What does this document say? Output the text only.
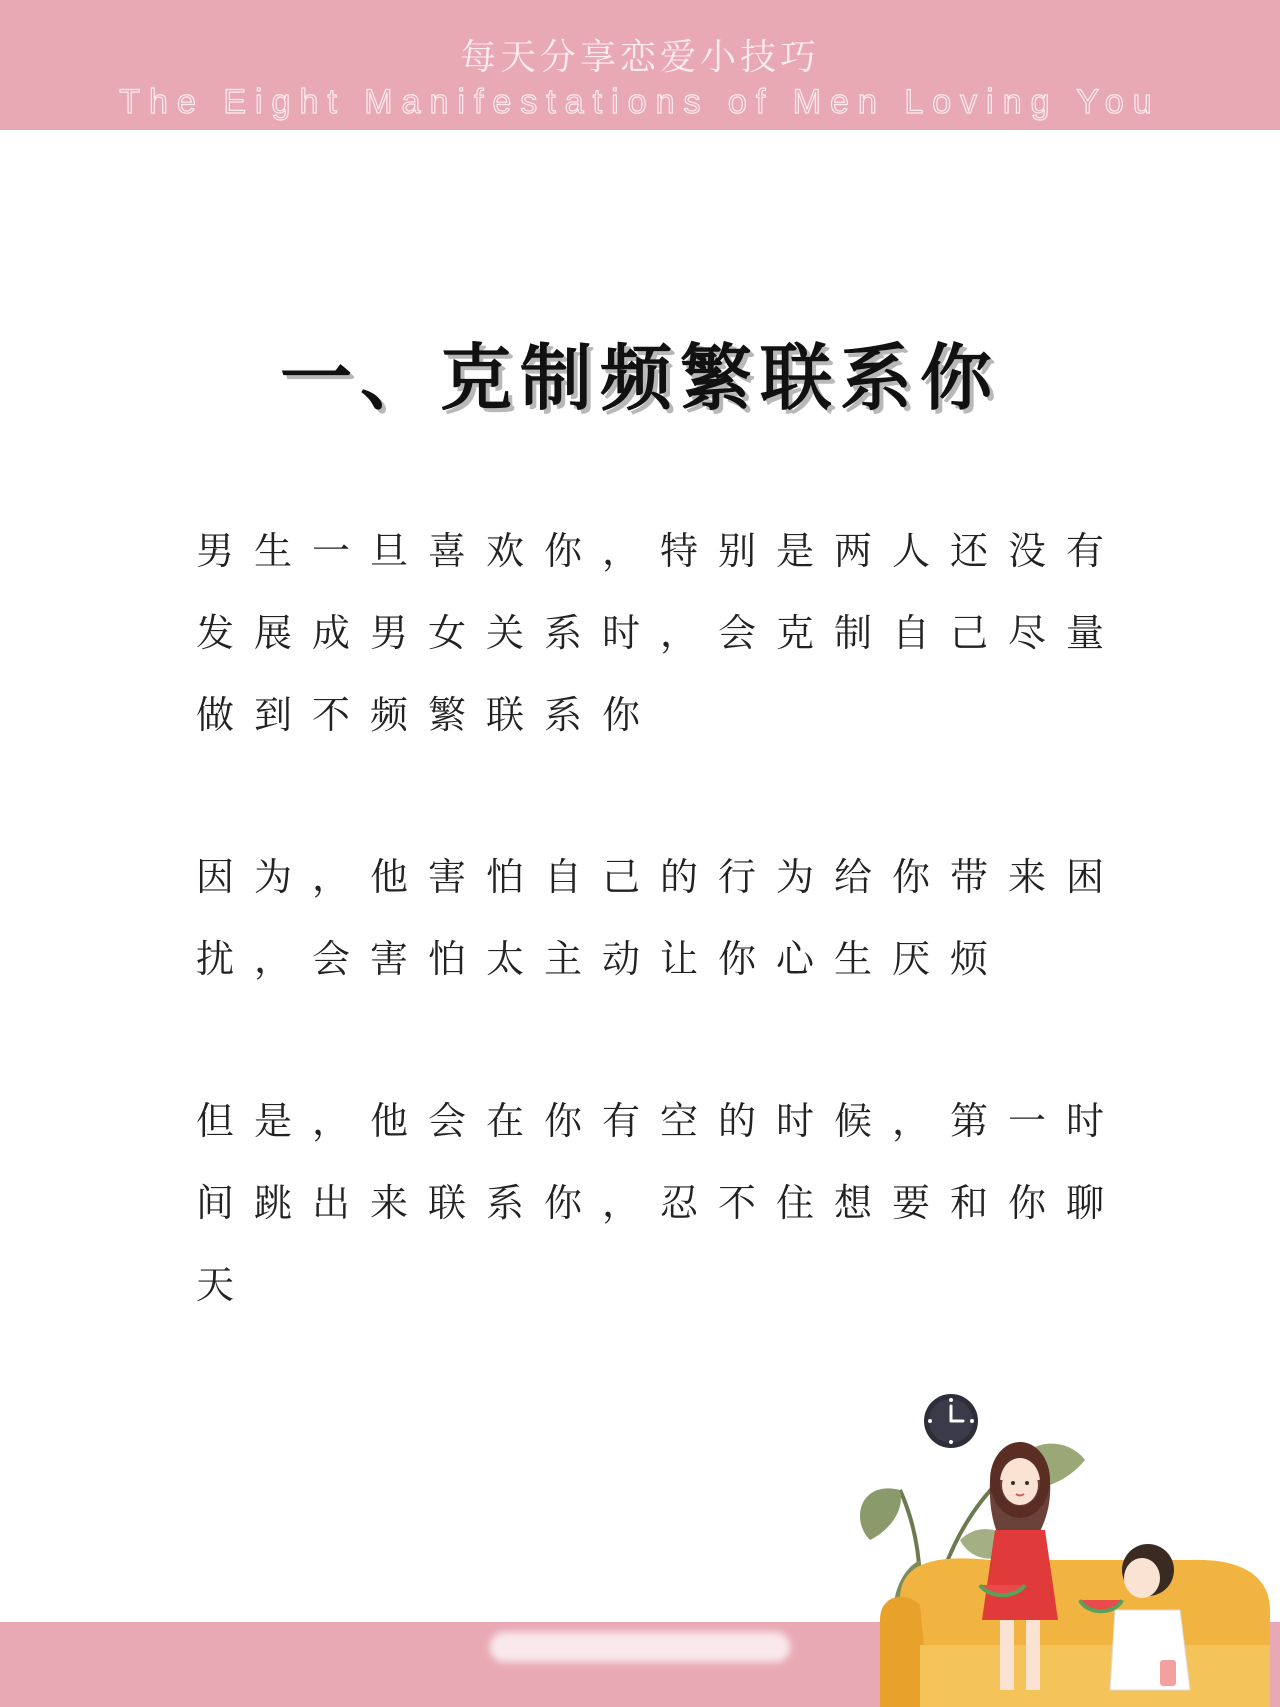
每天分享恋爱小技巧
The Eight Manifestations of Men Loving You
一、克制频繁联系你
男生一旦喜欢你，特别是两人还没有
发展成男女关系时，会克制自己尽量
做到不频繁联系你
因为，他害怕自己的行为给你带来困
扰，会害怕太主动让你心生厌烦
但是，他会在你有空的时候，第一时
间跳出来联系你，忍不住想要和你聊
天
